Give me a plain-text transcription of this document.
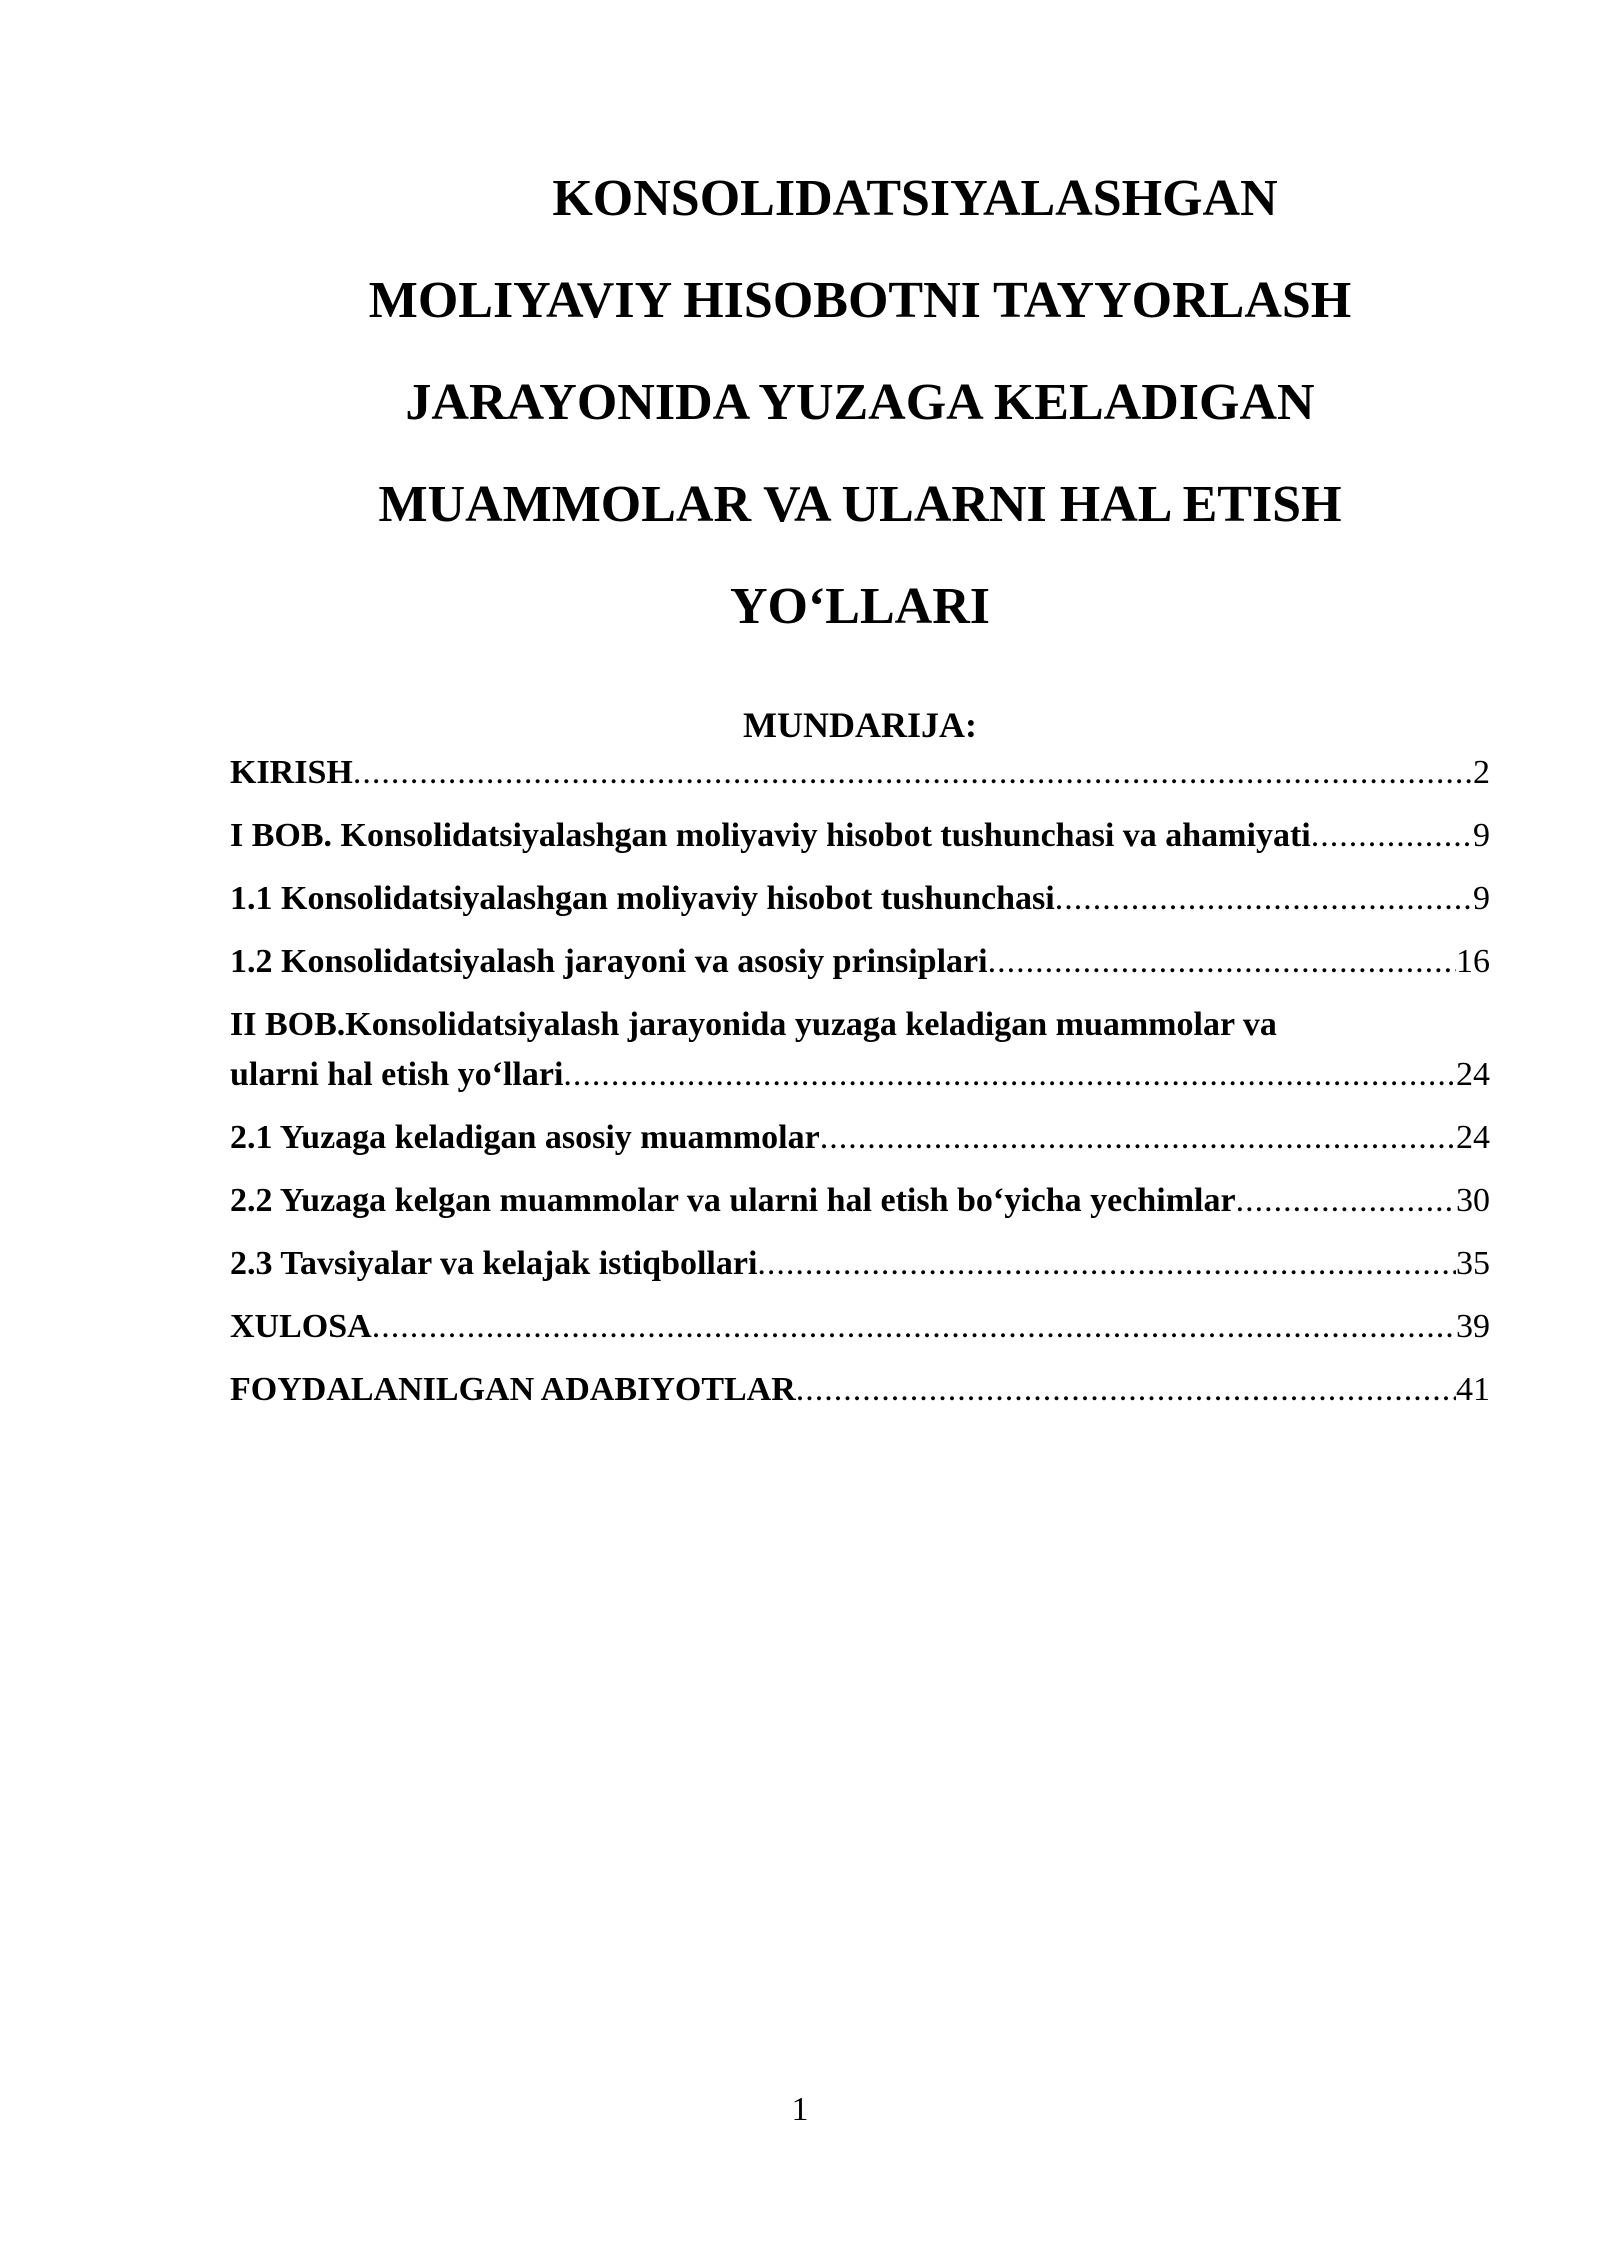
KONSOLIDATSIYALASHGAN
MOLIYAVIY HISOBOTNI TAYYORLASH
JARAYONIDA YUZAGA KELADIGAN
MUAMMOLAR VA ULARNI HAL ETISH
YO‘LLARI
MUNDARIJA:
KIRISH .....	2
I BOB. Konsolidatsiyalashgan moliyaviy hisobot tushunchasi va ahamiyati .....	9
1.1 Konsolidatsiyalashgan moliyaviy hisobot tushunchasi .....	9
1.2 Konsolidatsiyalash jarayoni va asosiy prinsiplari .....	16
II BOB.Konsolidatsiyalash jarayonida yuzaga keladigan muammolar va
ularni hal etish yo‘llari .....	24
2.1 Yuzaga keladigan asosiy muammolar .....	24
2.2 Yuzaga kelgan muammolar va ularni hal etish bo‘yicha yechimlar .....	30
2.3 Tavsiyalar va kelajak istiqbollari .....	35
XULOSA .....	39
FOYDALANILGAN ADABIYOTLAR .....	41
1
